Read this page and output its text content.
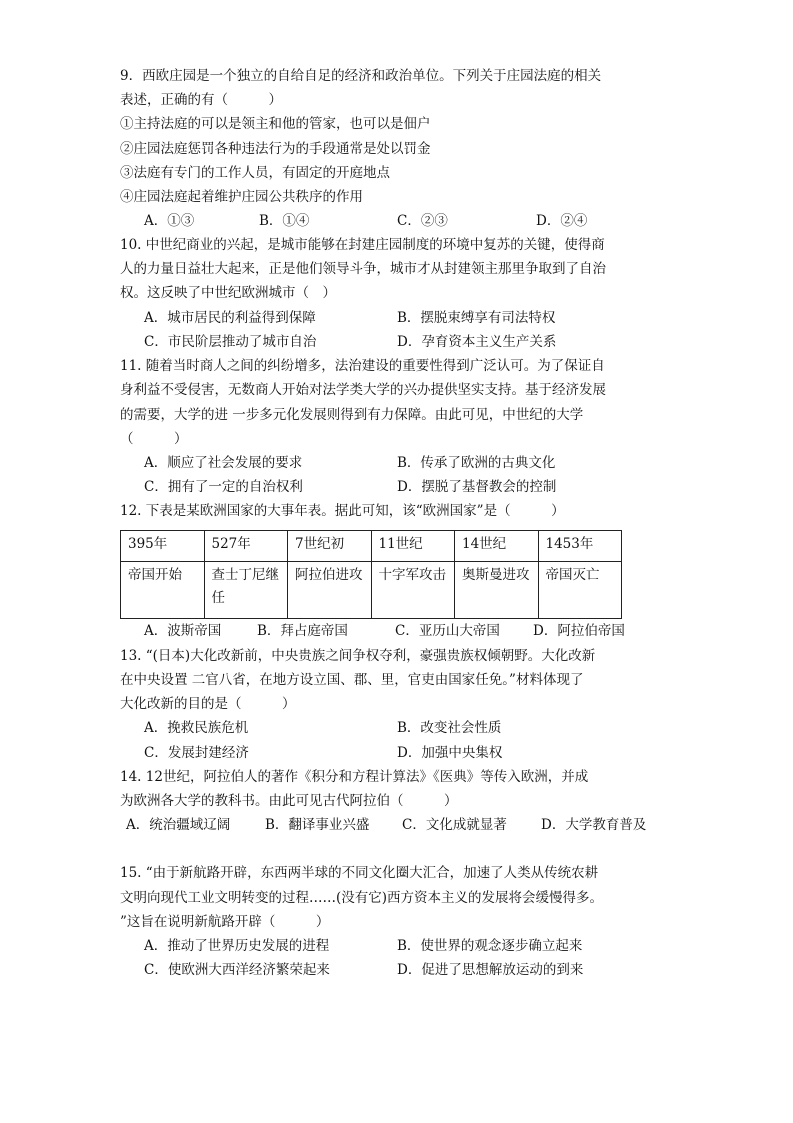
9．西欧庄园是一个独立的自给自足的经济和政治单位。下列关于庄园法庭的相关
表述，正确的有（　　　）
①主持法庭的可以是领主和他的管家，也可以是佃户
②庄园法庭惩罚各种违法行为的手段通常是处以罚金
③法庭有专门的工作人员，有固定的开庭地点
④庄园法庭起着维护庄园公共秩序的作用
A．①③	B．①④	C．②③	D．②④
10. 中世纪商业的兴起，是城市能够在封建庄园制度的环境中复苏的关键，使得商
人的力量日益壮大起来，正是他们领导斗争，城市才从封建领主那里争取到了自治
权。这反映了中世纪欧洲城市（　）
A．城市居民的利益得到保障	B．摆脱束缚享有司法特权
C．市民阶层推动了城市自治	D．孕育资本主义生产关系
11. 随着当时商人之间的纠纷增多，法治建设的重要性得到广泛认可。为了保证自
身利益不受侵害，无数商人开始对法学类大学的兴办提供坚实支持。基于经济发展
的需要，大学的进 一步多元化发展则得到有力保障。由此可见，中世纪的大学
（　　　）
A．顺应了社会发展的要求	B．传承了欧洲的古典文化
C．拥有了一定的自治权利	D．摆脱了基督教会的控制
12. 下表是某欧洲国家的大事年表。据此可知，该“欧洲国家”是（　　　）
395年	527年	7世纪初	11世纪	14世纪	1453年
帝国开始	查士丁尼继任	阿拉伯进攻	十字军攻击	奥斯曼进攻	帝国灭亡
A．波斯帝国	B．拜占庭帝国	C．亚历山大帝国 D．阿拉伯帝国
13. “(日本)大化改新前，中央贵族之间争权夺利，豪强贵族权倾朝野。大化改新
在中央设置 二官八省，在地方设立国、郡、里，官吏由国家任免。”材料体现了
大化改新的目的是（　　　）
A．挽救民族危机	B．改变社会性质
C．发展封建经济	D．加强中央集权
14. 12世纪，阿拉伯人的著作《积分和方程计算法》《医典》等传入欧洲，并成
为欧洲各大学的教科书。由此可见古代阿拉伯（　　　）
A．统治疆域辽阔	B．翻译事业兴盛 C．文化成就显著	D．大学教育普及
15. “由于新航路开辟，东西两半球的不同文化圈大汇合，加速了人类从传统农耕
文明向现代工业文明转变的过程……(没有它)西方资本主义的发展将会缓慢得多。
”这旨在说明新航路开辟（　　　）
A．推动了世界历史发展的进程	B．使世界的观念逐步确立起来
C．使欧洲大西洋经济繁荣起来	D．促进了思想解放运动的到来
